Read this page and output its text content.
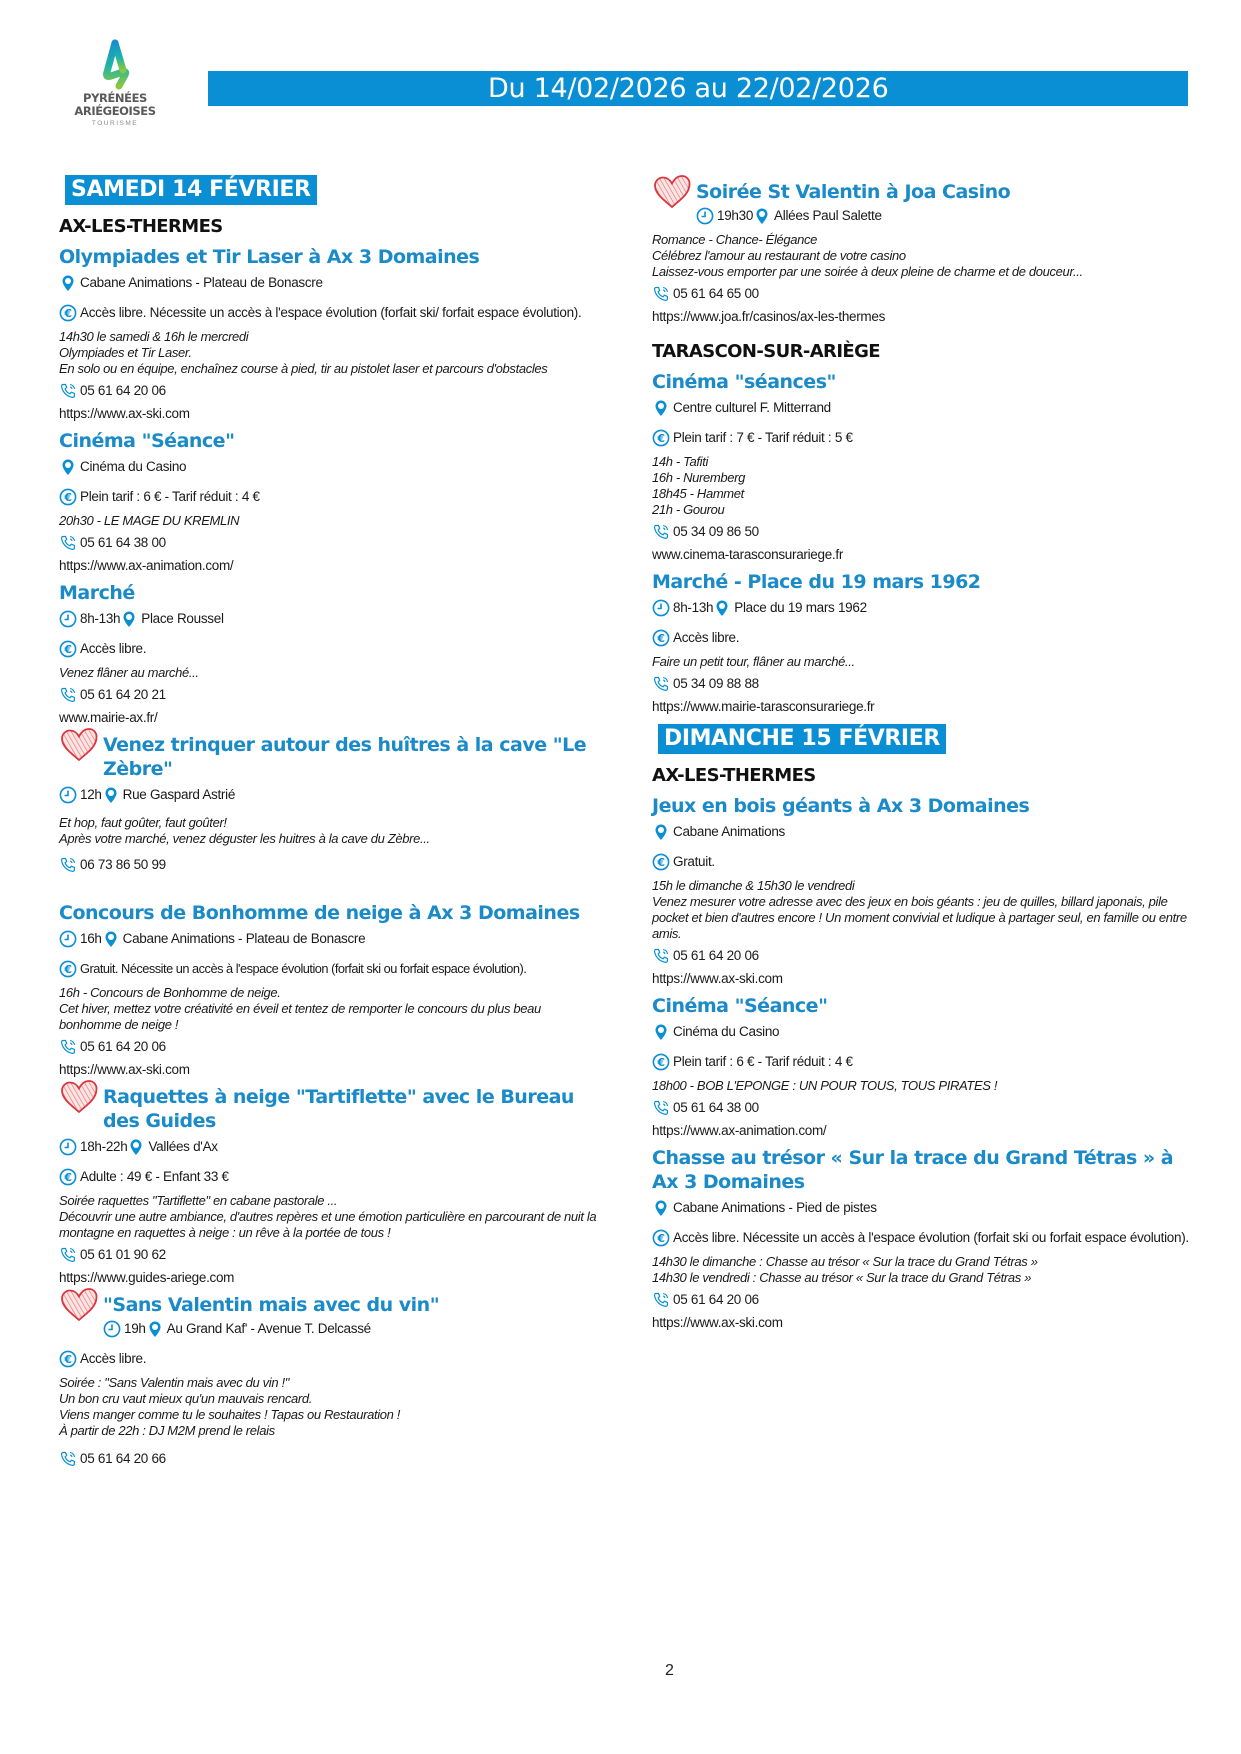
PYRÉNÉES
ARIÉGEOISES
TOURISME
Du 14/02/2026 au 22/02/2026
SAMEDI 14 FÉVRIER
AX-LES-THERMES
Olympiades et Tir Laser à Ax 3 Domaines
Cabane Animations - Plateau de Bonascre
€ Accès libre. Nécessite un accès à l'espace évolution (forfait ski/ forfait espace évolution).
14h30 le samedi & 16h le mercredi
Olympiades et Tir Laser.
En solo ou en équipe, enchaînez course à pied, tir au pistolet laser et parcours d'obstacles
05 61 64 20 06
https://www.ax-ski.com
Cinéma "Séance"
Cinéma du Casino
€ Plein tarif : 6 € - Tarif réduit : 4 €
20h30 - LE MAGE DU KREMLIN
05 61 64 38 00
https://www.ax-animation.com/
Marché
8h-13h Place Roussel
€ Accès libre.
Venez flâner au marché...
05 61 64 20 21
www.mairie-ax.fr/
Venez trinquer autour des huîtres à la cave "Le Zèbre"
12h Rue Gaspard Astrié
Et hop, faut goûter, faut goûter!
Après votre marché, venez déguster les huitres à la cave du Zèbre...
06 73 86 50 99
Concours de Bonhomme de neige à Ax 3 Domaines
16h Cabane Animations - Plateau de Bonascre
€ Gratuit. Nécessite un accès à l'espace évolution (forfait ski ou forfait espace évolution).
16h - Concours de Bonhomme de neige.
Cet hiver, mettez votre créativité en éveil et tentez de remporter le concours du plus beau bonhomme de neige !
05 61 64 20 06
https://www.ax-ski.com
Raquettes à neige "Tartiflette" avec le Bureau des Guides
18h-22h Vallées d'Ax
€ Adulte : 49 € - Enfant 33 €
Soirée raquettes "Tartiflette" en cabane pastorale ...
Découvrir une autre ambiance, d'autres repères et une émotion particulière en parcourant de nuit la montagne en raquettes à neige : un rêve à la portée de tous !
05 61 01 90 62
https://www.guides-ariege.com
"Sans Valentin mais avec du vin"
19h Au Grand Kaf' - Avenue T. Delcassé
€ Accès libre.
Soirée : "Sans Valentin mais avec du vin !"
Un bon cru vaut mieux qu'un mauvais rencard.
Viens manger comme tu le souhaites ! Tapas ou Restauration !
À partir de 22h : DJ M2M prend le relais
05 61 64 20 66
Soirée St Valentin à Joa Casino
19h30 Allées Paul Salette
Romance - Chance- Élégance
Célébrez l'amour au restaurant de votre casino
Laissez-vous emporter par une soirée à deux pleine de charme et de douceur...
05 61 64 65 00
https://www.joa.fr/casinos/ax-les-thermes
TARASCON-SUR-ARIÈGE
Cinéma "séances"
Centre culturel F. Mitterrand
€ Plein tarif : 7 € - Tarif réduit : 5 €
14h - Tafiti
16h - Nuremberg
18h45 - Hammet
21h - Gourou
05 34 09 86 50
www.cinema-tarasconsurariege.fr
Marché - Place du 19 mars 1962
8h-13h Place du 19 mars 1962
€ Accès libre.
Faire un petit tour, flâner au marché...
05 34 09 88 88
https://www.mairie-tarasconsurariege.fr
DIMANCHE 15 FÉVRIER
AX-LES-THERMES
Jeux en bois géants à Ax 3 Domaines
Cabane Animations
€ Gratuit.
15h le dimanche & 15h30 le vendredi
Venez mesurer votre adresse avec des jeux en bois géants : jeu de quilles, billard japonais, pile pocket et bien d'autres encore ! Un moment convivial et ludique à partager seul, en famille ou entre amis.
05 61 64 20 06
https://www.ax-ski.com
Cinéma "Séance"
Cinéma du Casino
€ Plein tarif : 6 € - Tarif réduit : 4 €
18h00 - BOB L'EPONGE : UN POUR TOUS, TOUS PIRATES !
05 61 64 38 00
https://www.ax-animation.com/
Chasse au trésor « Sur la trace du Grand Tétras » à Ax 3 Domaines
Cabane Animations - Pied de pistes
€ Accès libre. Nécessite un accès à l'espace évolution (forfait ski ou forfait espace évolution).
14h30 le dimanche : Chasse au trésor « Sur la trace du Grand Tétras »
14h30 le vendredi : Chasse au trésor « Sur la trace du Grand Tétras »
05 61 64 20 06
https://www.ax-ski.com
2
